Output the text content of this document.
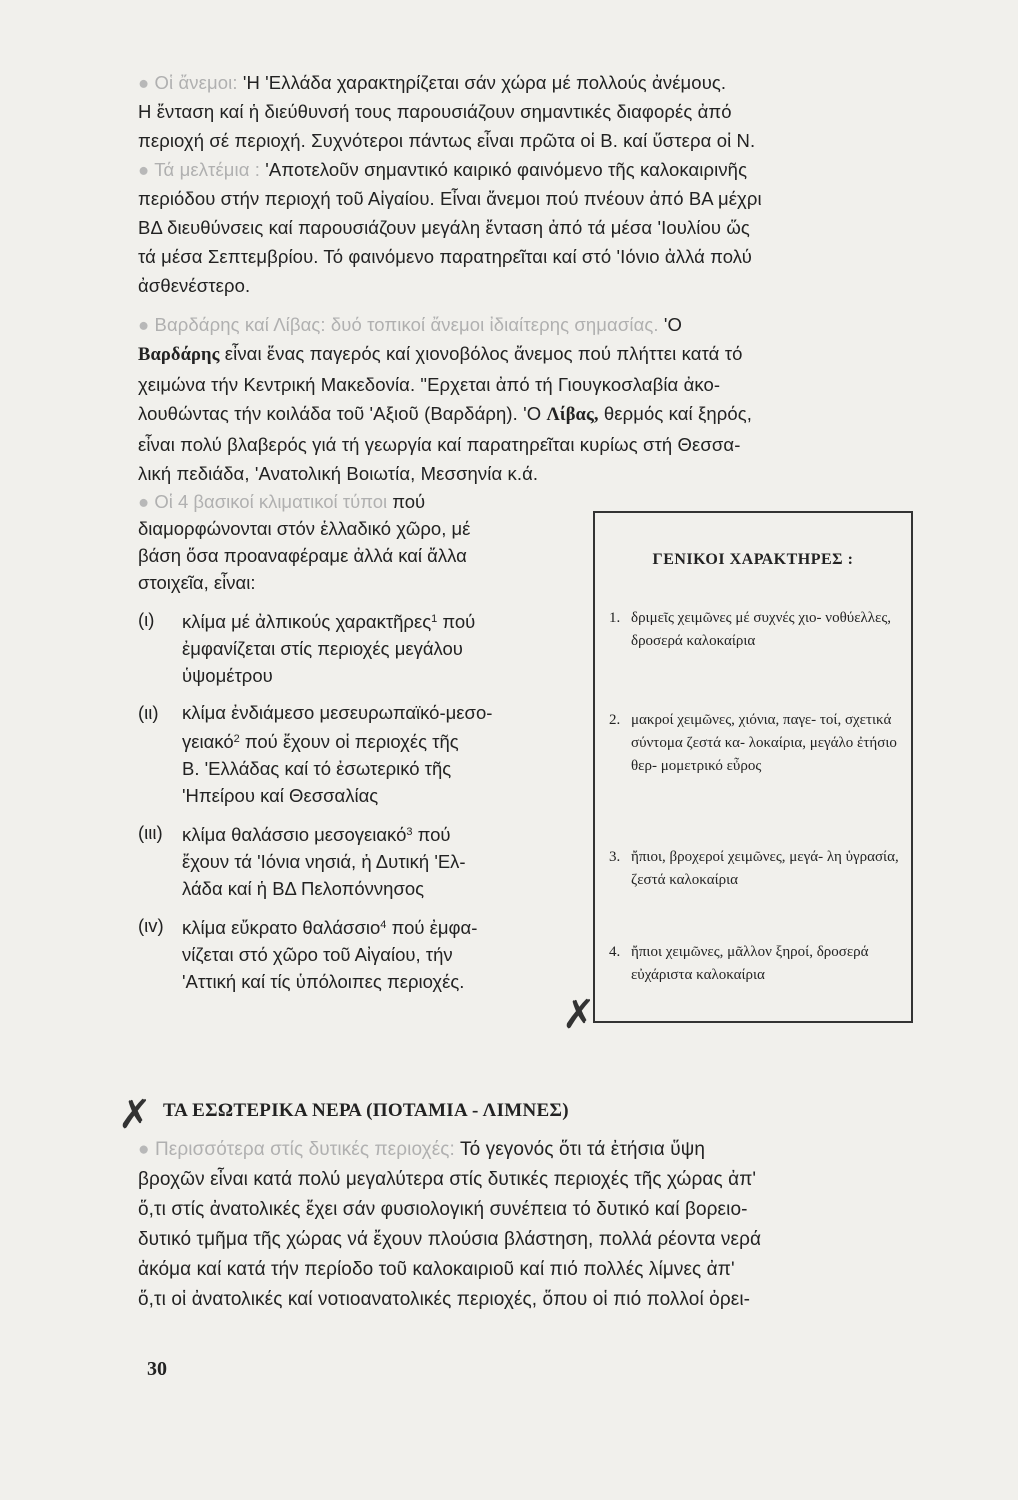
● Οἱ ἄνεμοι: 'Η 'Ελλάδα χαρακτηρίζεται σάν χώρα μέ πολλούς ἀνέμους.

Η ἔνταση καί ἡ διεύθυνσή τους παρουσιάζουν σημαντικές διαφορές ἀπό

περιοχή σέ περιοχή. Συχνότεροι πάντως εἶναι πρῶτα οἱ Β. καί ὕστερα οἱ Ν.

● Τά μελτέμια : 'Αποτελοῦν σημαντικό καιρικό φαινόμενο τῆς καλοκαιρινῆς

περιόδου στήν περιοχή τοῦ Αἰγαίου. Εἶναι ἄνεμοι πού πνέουν ἀπό ΒΑ μέχρι

ΒΔ διευθύνσεις καί παρουσιάζουν μεγάλη ἔνταση ἀπό τά μέσα 'Ιουλίου ὥς

τά μέσα Σεπτεμβρίου. Τό φαινόμενο παρατηρεῖται καί στό 'Ιόνιο ἀλλά πολύ

ἀσθενέστερο.

● Βαρδάρης καί Λίβας: δυό τοπικοί ἄνεμοι ἰδιαίτερης σημασίας. 'Ο

Βαρδάρης εἶναι ἕνας παγερός καί χιονοβόλος ἄνεμος πού πλήττει κατά τό

χειμώνα τήν Κεντρική Μακεδονία. "Ερχεται ἀπό τή Γιουγκοσλαβία ἀκο-

λουθώντας τήν κοιλάδα τοῦ 'Αξιοῦ (Βαρδάρη). 'Ο Λίβας, θερμός καί ξηρός,

εἶναι πολύ βλαβερός γιά τή γεωργία καί παρατηρεῖται κυρίως στή Θεσσα-

λική πεδιάδα, 'Ανατολική Βοιωτία, Μεσσηνία κ.ά.

● Οἱ 4 βασικοί κλιματικοί τύποι πού

διαμορφώνονται στόν ἑλλαδικό χῶρο, μέ

βάση ὅσα προαναφέραμε ἀλλά καί ἄλλα

στοιχεῖα, εἶναι:

(ι) κλίμα μέ ἀλπικούς χαρακτῆρες$^1$ πού
ἐμφανίζεται στίς περιοχές μεγάλου
ὑψομέτρου

(ιι) κλίμα ἐνδιάμεσο μεσευρωπαϊκό-μεσο-
γειακό$^2$ πού ἔχουν οἱ περιοχές τῆς
Β. 'Ελλάδας καί τό ἐσωτερικό τῆς
'Ηπείρου καί Θεσσαλίας

(ιιι) κλίμα θαλάσσιο μεσογειακό$^3$ πού
ἔχουν τά 'Ιόνια νησιά, ἡ Δυτική 'Ελ-
λάδα καί ἡ ΒΔ Πελοπόννησος

(ιv) κλίμα εὔκρατο θαλάσσιο$^4$ πού ἐμφα-
νίζεται στό χῶρο τοῦ Αἰγαίου, τήν
'Αττική καί τίς ὑπόλοιπες περιοχές.

ΓΕΝΙΚΟΙ ΧΑΡΑΚΤΗΡΕΣ :
1. δριμεῖς χειμῶνες μέ συχνές χιο- νοθύελλες, δροσερά καλοκαίρια
2. μακροί χειμῶνες, χιόνια, παγε- τοί, σχετικά σύντομα ζεστά κα- λοκαίρια, μεγάλο ἐτήσιο θερ- μομετρικό εὖρος
3. ἤπιοι, βροχεροί χειμῶνες, μεγά- λη ὑγρασία, ζεστά καλοκαίρια
4. ἤπιοι χειμῶνες, μᾶλλον ξηροί, δροσερά εὐχάριστα καλοκαίρια
✗
✗ ΤΑ ΕΣΩΤΕΡΙΚΑ ΝΕΡΑ (ΠΟΤΑΜΙΑ - ΛΙΜΝΕΣ)

● Περισσότερα στίς δυτικές περιοχές: Τό γεγονός ὅτι τά ἐτήσια ὕψη

βροχῶν εἶναι κατά πολύ μεγαλύτερα στίς δυτικές περιοχές τῆς χώρας ἀπ'

ὅ,τι στίς ἀνατολικές ἔχει σάν φυσιολογική συνέπεια τό δυτικό καί βορειο-

δυτικό τμῆμα τῆς χώρας νά ἔχουν πλούσια βλάστηση, πολλά ρέοντα νερά

ἀκόμα καί κατά τήν περίοδο τοῦ καλοκαιριοῦ καί πιό πολλές λίμνες ἀπ'

ὅ,τι οἱ ἀνατολικές καί νοτιοανατολικές περιοχές, ὅπου οἱ πιό πολλοί ὀρει-

30
